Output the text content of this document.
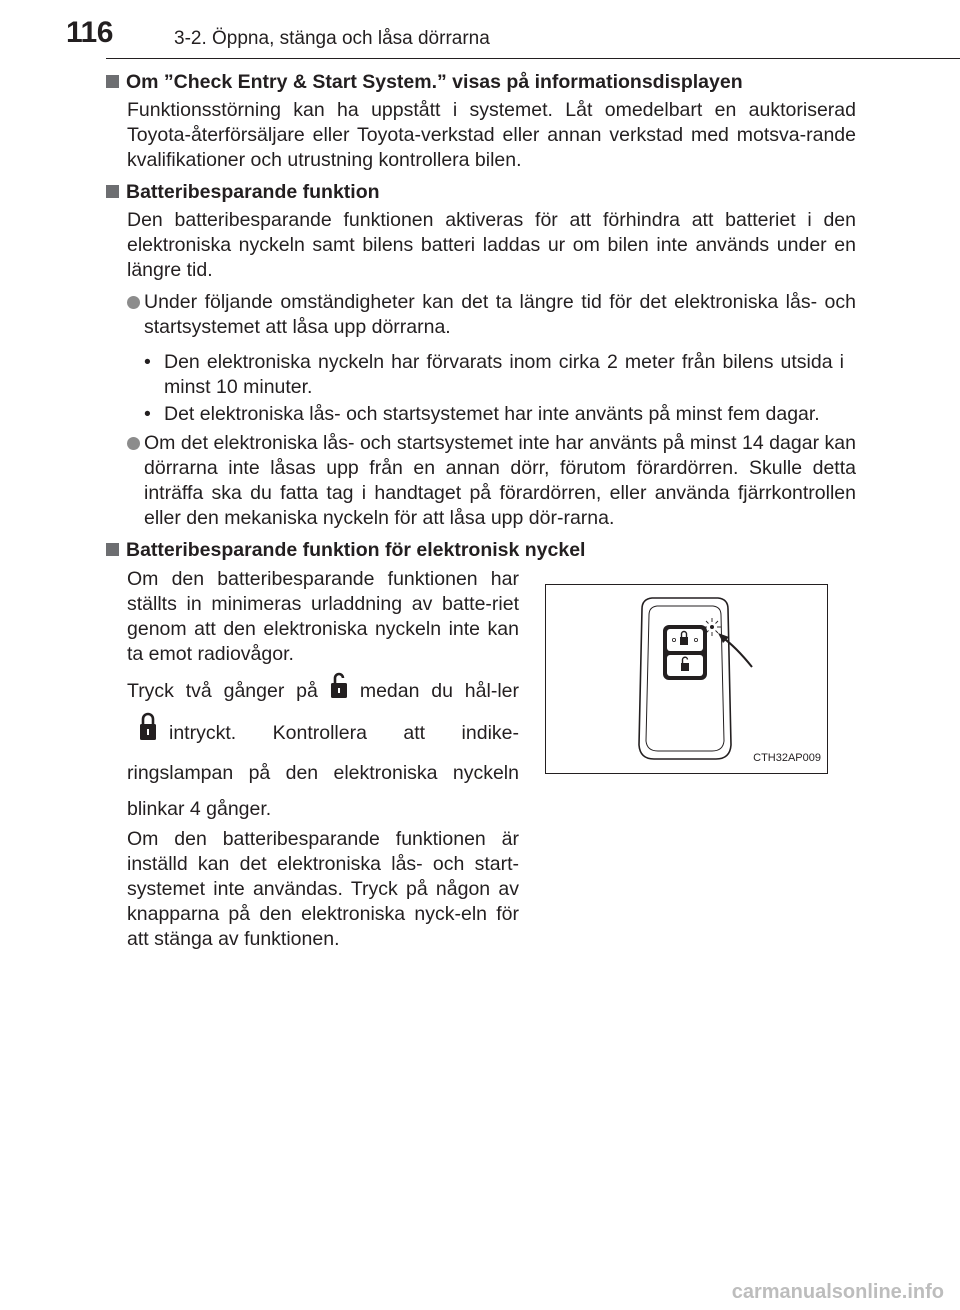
116	3-2. Öppna, stänga och låsa dörrarna
Om ”Check Entry & Start System.” visas på informationsdisplayen
Funktionsstörning kan ha uppstått i systemet. Låt omedelbart en auktoriserad Toyota-återförsäljare eller Toyota-verkstad eller annan verkstad med motsva-rande kvalifikationer och utrustning kontrollera bilen.
Batteribesparande funktion
Den batteribesparande funktionen aktiveras för att förhindra att batteriet i den elektroniska nyckeln samt bilens batteri laddas ur om bilen inte används under en längre tid.
Under följande omständigheter kan det ta längre tid för det elektroniska lås- och startsystemet att låsa upp dörrarna.
• Den elektroniska nyckeln har förvarats inom cirka 2 meter från bilens utsida i minst 10 minuter.
• Det elektroniska lås- och startsystemet har inte använts på minst fem dagar.
Om det elektroniska lås- och startsystemet inte har använts på minst 14 dagar kan dörrarna inte låsas upp från en annan dörr, förutom förardörren. Skulle detta inträffa ska du fatta tag i handtaget på förardörren, eller använda fjärrkontrollen eller den mekaniska nyckeln för att låsa upp dör-rarna.
Batteribesparande funktion för elektronisk nyckel
Om den batteribesparande funktionen har ställts in minimeras urladdning av batte-riet genom att den elektroniska nyckeln inte kan ta emot radiovågor.
Tryck två gånger på medan du hål-lerintryckt. Kontrollera att indike-ringslampan på den elektroniska nyckeln blinkar 4 gånger.
Om den batteribesparande funktionen är inställd kan det elektroniska lås- och start-systemet inte användas. Tryck på någon av knapparna på den elektroniska nyck-eln för att stänga av funktionen.
CTH32AP009
carmanualsonline.info
